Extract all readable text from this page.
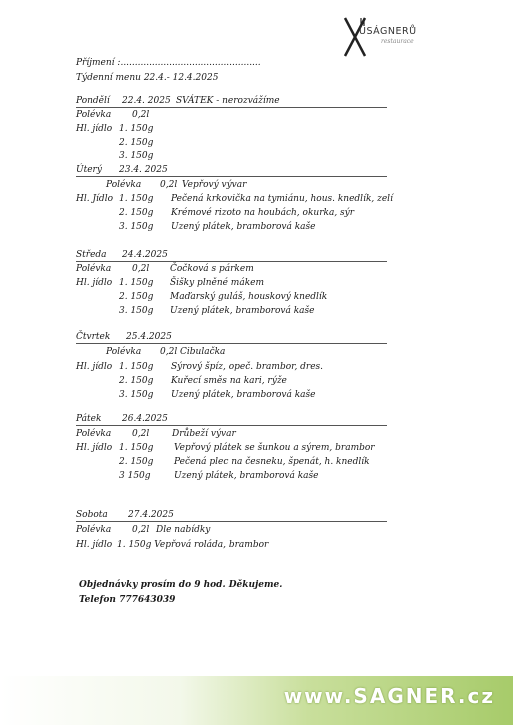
USÁGNERŮ
restaurace
Příjmení :.................................................
Týdenní menu 22.4.- 12.4.2025
Pondělí 22.4. 2025 SVÁTEK - nerozvážíme
Polévka 0,2l
Hl. jídlo 1. 150g
2. 150g
3. 150g
Úterý 23.4. 2025
Polévka 0,2l Vepřový vývar
Hl. Jídlo 1. 150g Pečená krkovička na tymiánu, hous. knedlík, zelí
2. 150g Krémové rizoto na houbách, okurka, sýr
3. 150g Uzený plátek, bramborová kaše
Středa 24.4.2025
Polévka 0,2l Čočková s párkem
Hl. jídlo 1. 150g Šišky plněné mákem
2. 150g Maďarský guláš, houskový knedlík
3. 150g Uzený plátek, bramborová kaše
Čtvrtek 25.4.2025
Polévka 0,2l Cibulačka
Hl. jídlo 1. 150g Sýrový špíz, opeč. brambor, dres.
2. 150g Kuřecí směs na kari, rýže
3. 150g Uzený plátek, bramborová kaše
Pátek 26.4.2025
Polévka 0,2l	Drůbeží vývar
Hl. jídlo 1. 150g Vepřový plátek se šunkou a sýrem, brambor
2. 150g Pečená plec na česneku, špenát, h. knedlík
3 150g	Uzený plátek, bramborová kaše
Sobota 27.4.2025
Polévka 0,2l Dle nabídky
Hl. jídlo 1. 150g Vepřová roláda, brambor
Objednávky prosím do 9 hod. Děkujeme.
Telefon 777643039
www.SAGNER.cz
